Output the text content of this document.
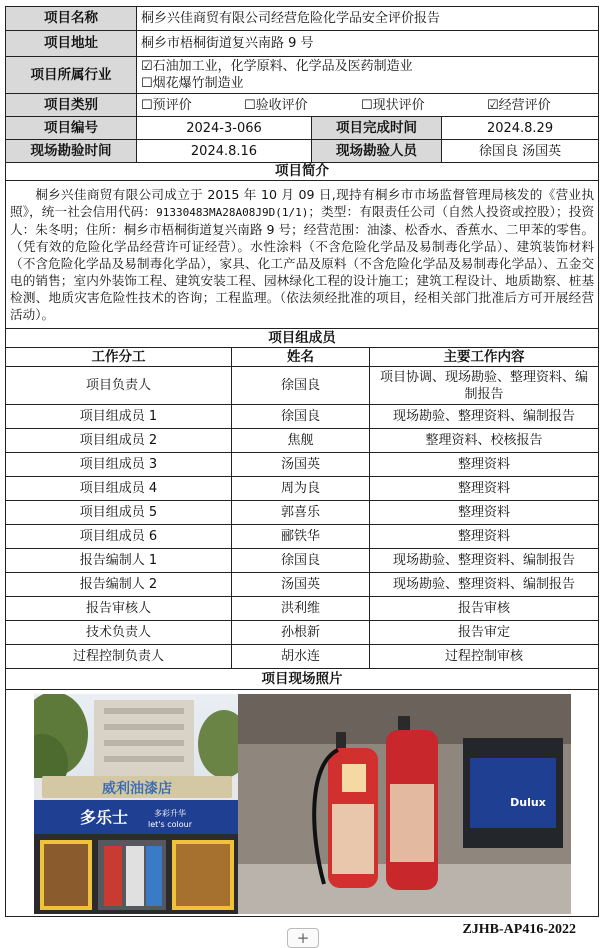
项目名称	桐乡兴佳商贸有限公司经营危险化学品安全评价报告				
项目地址	桐乡市梧桐街道复兴南路 9 号				
项目所属行业	☑石油加工业，化学原料、化学品及医药制造业
☐烟花爆竹制造业				

项目类别	☐预评价 ☐验收评价 ☐现状评价 ☑经营评价				
项目编号	2024-3-066		项目完成时间		2024.8.29
现场勘验时间	2024.8.16		现场勘验人员		徐国良 汤国英
项目简介					
桐乡兴佳商贸有限公司成立于 2015 年 10 月 09 日,现持有桐乡市市场监督管理局核发的《营业执照》，统一社会信用代码：91330483MA28A08J9D(1/1)；类型：有限责任公司（自然人投资或控股）；投资人：朱冬明；住所：桐乡市梧桐街道复兴南路 9 号；经营范围：油漆、松香水、香蕉水、二甲苯的零售。（凭有效的危险化学品经营许可证经营）。水性涂料（不含危险化学品及易制毒化学品）、建筑装饰材料（不含危险化学品及易制毒化学品），家具、化工产品及原料（不含危险化学品及易制毒化学品）、五金交电的销售；室内外装饰工程、建筑安装工程、园林绿化工程的设计施工；建筑工程设计、地质勘察、桩基检测、地质灾害危险性技术的咨询；工程监理。（依法须经批准的项目，经相关部门批准后方可开展经营活动）。					
项目组成员					
工作分工		姓名		主要工作内容	
项目负责人		徐国良		项目协调、现场勘验、整理资料、编制报告	
项目组成员 1		徐国良		现场勘验、整理资料、编制报告	
项目组成员 2		焦舰		整理资料、校核报告	
项目组成员 3		汤国英		整理资料	
项目组成员 4		周为良		整理资料	
项目组成员 5		郭喜乐		整理资料	
项目组成员 6		郦铁华		整理资料	
报告编制人 1		徐国良		现场勘验、整理资料、编制报告	
报告编制人 2		汤国英		现场勘验、整理资料、编制报告	
报告审核人		洪利维		报告审核	
技术负责人		孙根新		报告审定	
过程控制负责人		胡水连		过程控制审核	
项目现场照片					

威利油漆店
多乐士 多彩升华
let's colour
Dulux					
ZJHB-AP416-2022
+
